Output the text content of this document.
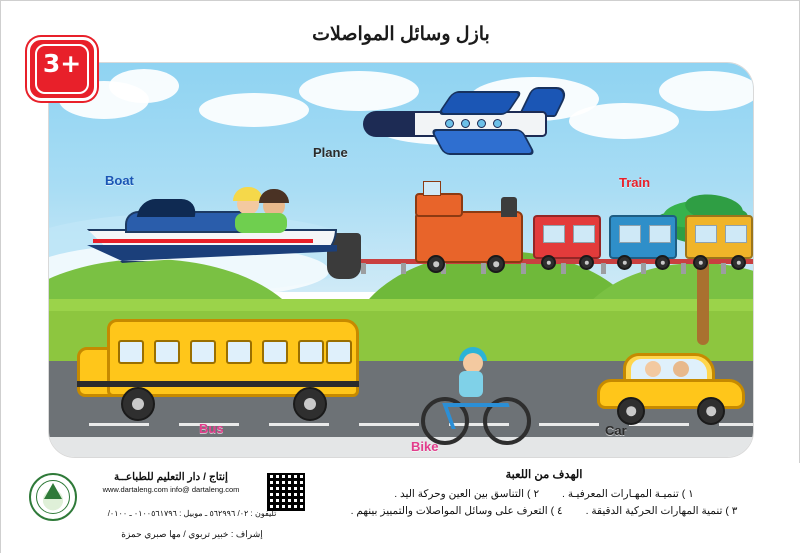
بازل وسائل المواصلات
3+
Plane
Boat	Train
Bus
Bike
Car
إنتاج / دار التعليم للطباعــة
www.dartaleng.com info@ dartaleng.com
تليفون : ٠٢/ ٥٦٢٩٩٦ ـ موبيل : ٠١٠٠٥٦١٧٩٦ ـ ٠١٠٠/
إشراف : خبير تربوي / مها صبري حمزة
الهدف من اللعبة
١ ) تنميـة المهـارات المعرفيـة . ٢ ) التناسق بين العين وحركة اليد .
٣ ) تنمية المهارات الحركية الدقيقة . ٤ ) التعرف على وسائل المواصلات والتمييز بينهم .
